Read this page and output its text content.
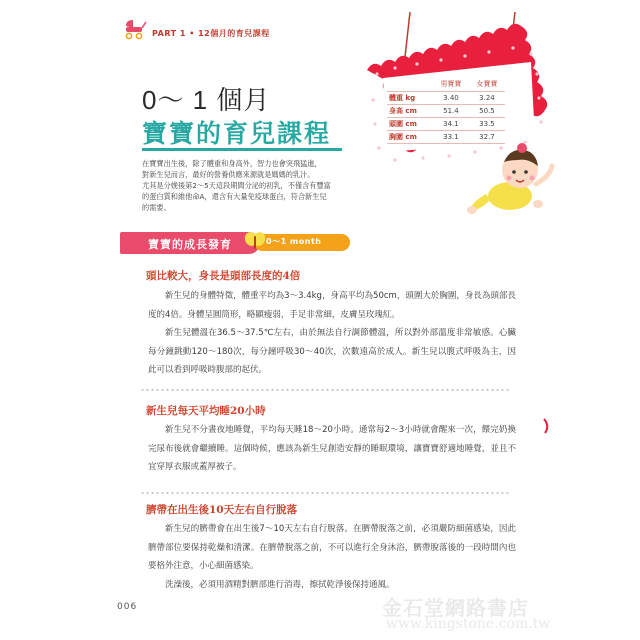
PART 1 • 12個月的育兒課程
0～ 1 個月
寶寶的育兒課程

在寶寶出生後，除了體重和身高外，智力也會突飛猛進，

對新生兒而言，最好的營養供應來源就是媽媽的乳汁。

尤其是分娩後第2～5天這段期間分泌的初乳，不僅含有豐富

的蛋白質和維他命A，還含有大量免疫球蛋白，符合新生兒

的需要。

	男寶寶	女寶寶
體重 kg	3.40	3.24
身高 cm	51.4	50.5
頭圍 cm	34.1	33.5
胸圍 cm	33.1	32.7
寶寶的成長發育	0～1 month
頭比較大，身長是頭部長度的4倍

新生兒的身體特徵，體重平均為3～3.4kg，身高平均為50cm，頭圍大於胸圍，身長為頭部長度的4倍。身體呈圓筒形，略顯瘦弱，手足非常細，皮膚呈玫瑰紅。

新生兒體溫在36.5～37.5℃左右，由於無法自行調節體溫，所以對外部溫度非常敏感。心臟每分鐘跳動120～180次，每分鐘呼吸30～40次，次數遠高於成人。新生兒以腹式呼吸為主，因此可以看到呼吸時腹部的起伏。

新生兒每天平均睡20小時

新生兒不分晝夜地睡覺，平均每天睡18～20小時。通常每2～3小時就會醒來一次，餵完奶換完尿布後就會繼續睡。這個時候，應該為新生兒創造安靜的睡眠環境，讓寶寶舒適地睡覺，並且不宜穿厚衣服或蓋厚被子。

臍帶在出生後10天左右自行脫落

新生兒的臍帶會在出生後7～10天左右自行脫落。在臍帶脫落之前，必須嚴防細菌感染，因此臍帶部位要保持乾燥和清潔。在臍帶脫落之前，不可以進行全身沐浴，臍帶脫落後的一段時間內也要格外注意，小心細菌感染。

洗澡後，必須用酒精對臍部進行消毒，擦拭乾淨後保持通風。

006	金石堂網路書店
www.kingstone.com.tw
